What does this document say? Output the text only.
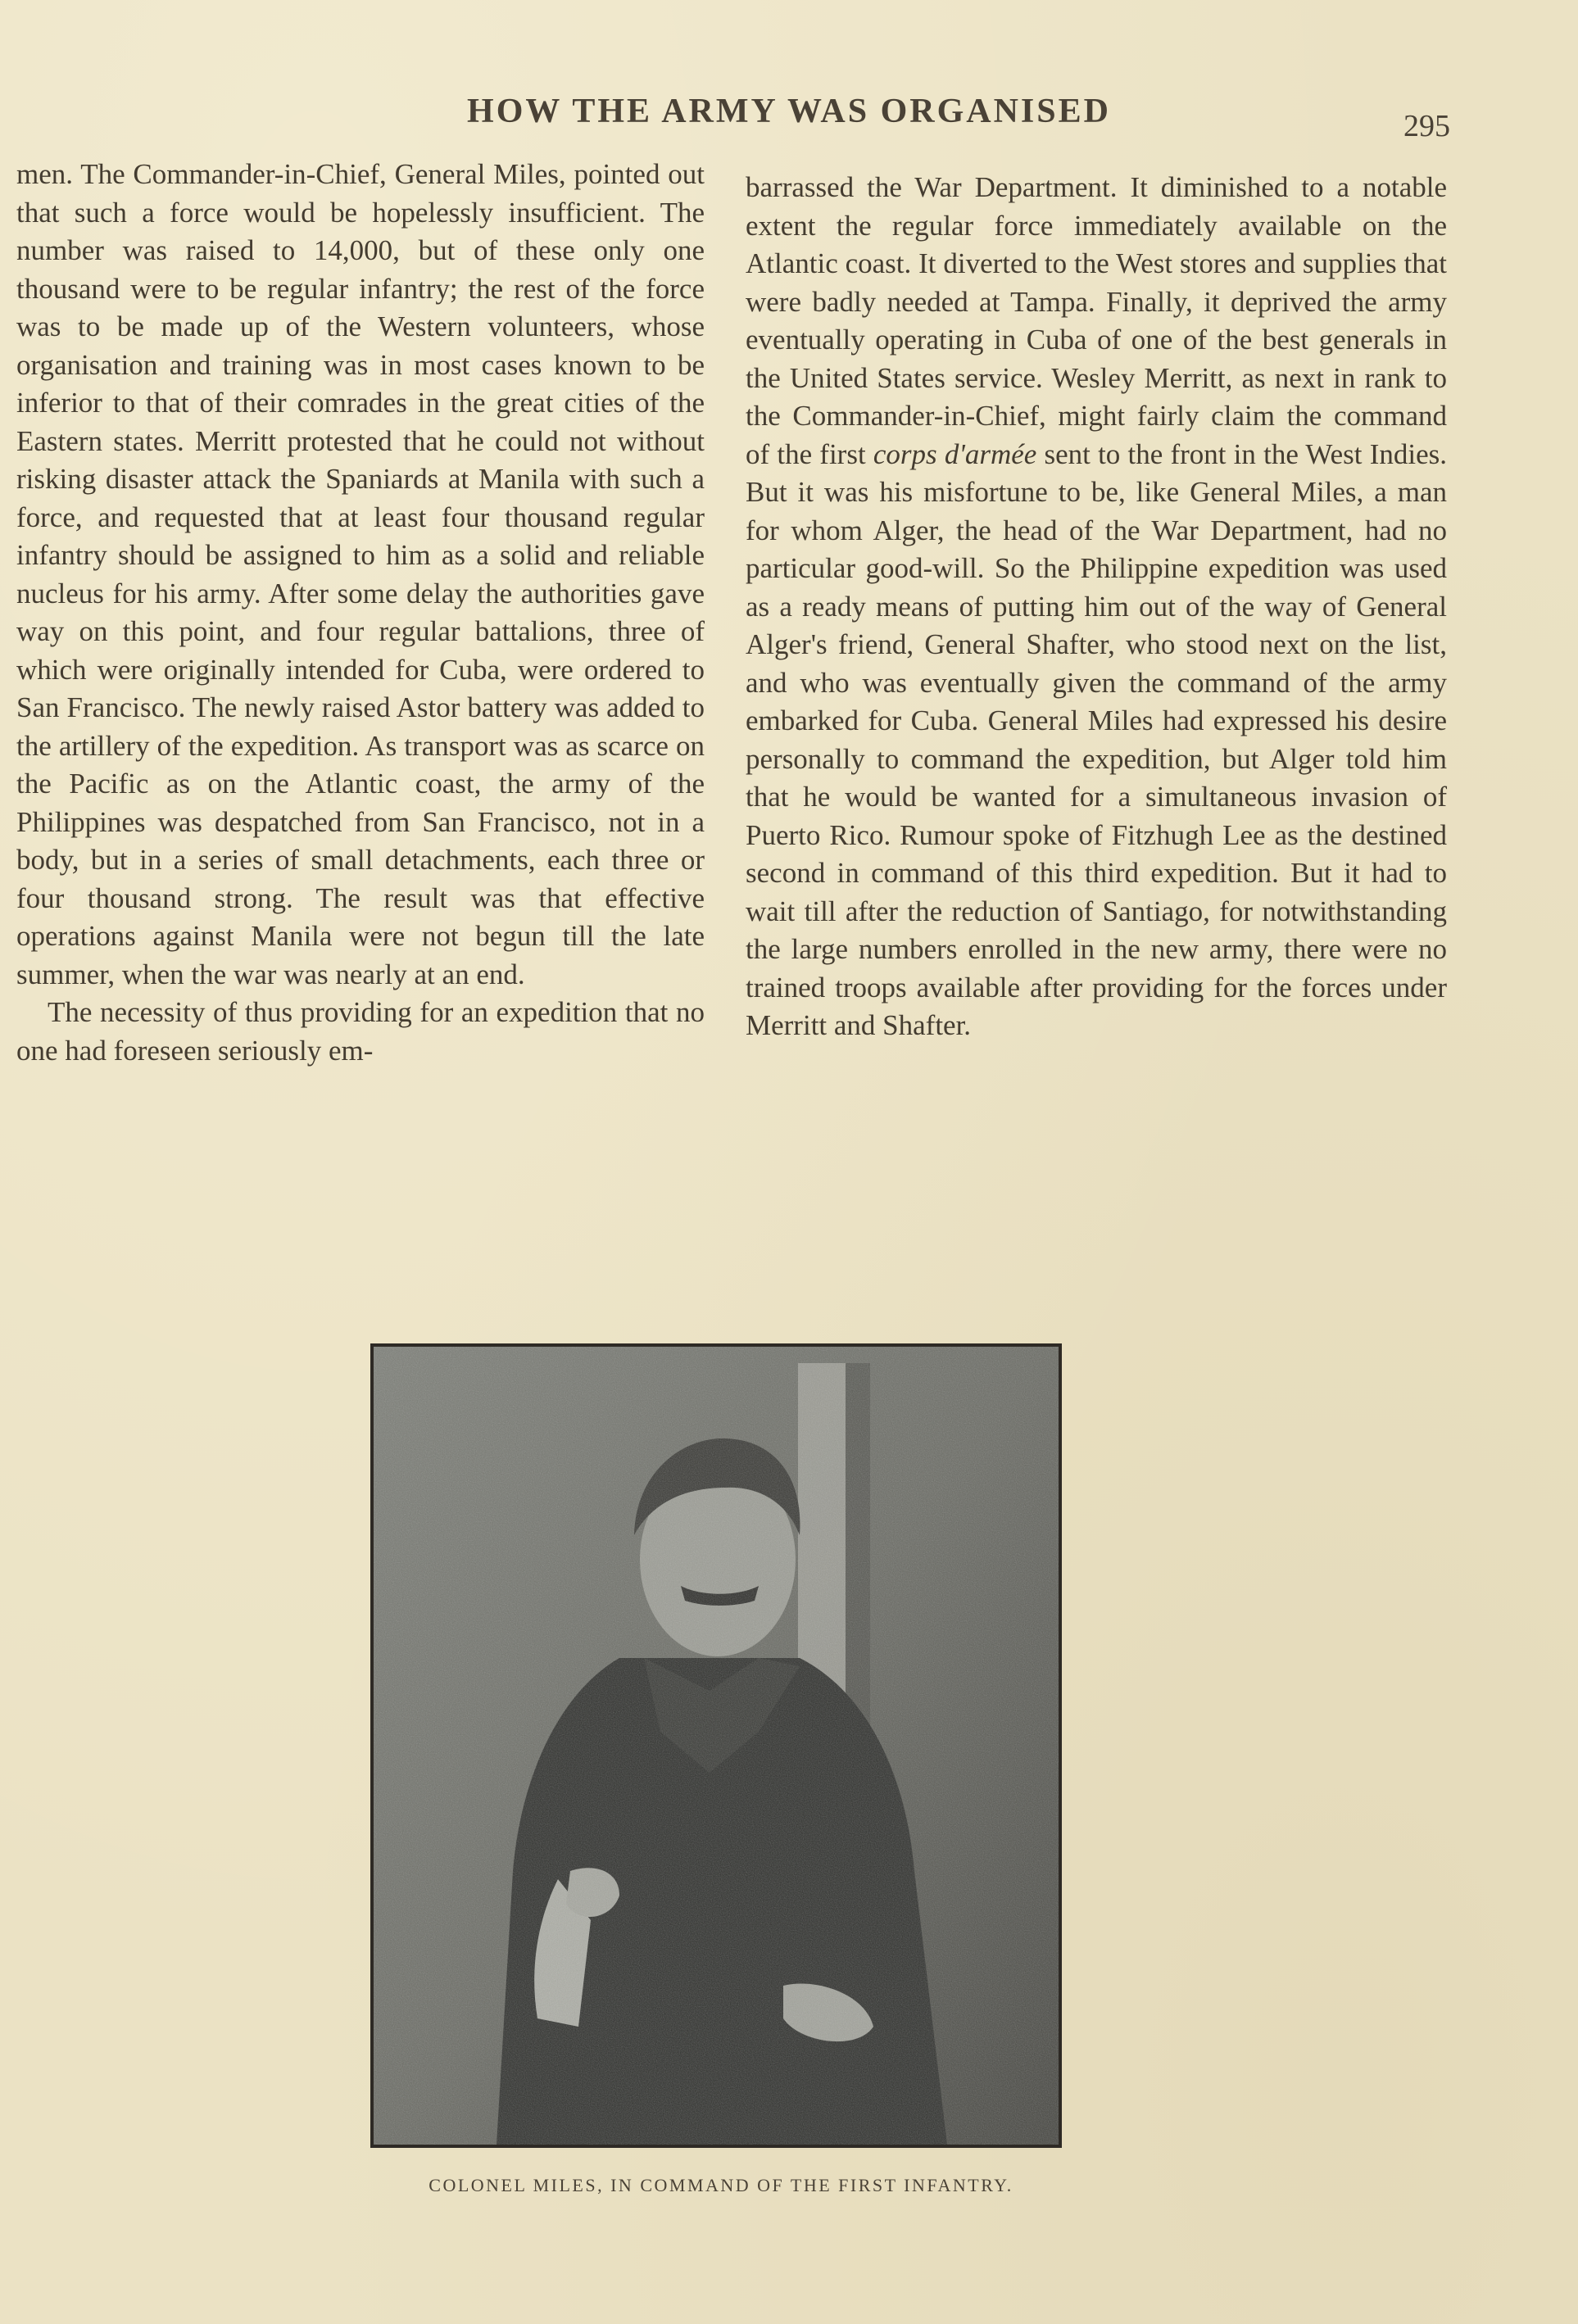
HOW THE ARMY WAS ORGANISED	295

men. The Commander-in-Chief, General Miles, pointed out that such a force would be hopelessly insufficient. The number was raised to 14,000, but of these only one thousand were to be regular infantry; the rest of the force was to be made up of the Western volunteers, whose organisation and training was in most cases known to be inferior to that of their comrades in the great cities of the Eastern states. Merritt protested that he could not without risking disaster attack the Spaniards at Manila with such a force, and requested that at least four thousand regular infantry should be assigned to him as a solid and reliable nucleus for his army. After some delay the authorities gave way on this point, and four regular battalions, three of which were originally intended for Cuba, were ordered to San Francisco. The newly raised Astor battery was added to the artillery of the expedition. As transport was as scarce on the Pacific as on the Atlantic coast, the army of the Philippines was despatched from San Francisco, not in a body, but in a series of small detachments, each three or four thousand strong. The result was that effective operations against Manila were not begun till the late summer, when the war was nearly at an end.

The necessity of thus providing for an expedition that no one had foreseen seriously em-

barrassed the War Department. It diminished to a notable extent the regular force immediately available on the Atlantic coast. It diverted to the West stores and supplies that were badly needed at Tampa. Finally, it deprived the army eventually operating in Cuba of one of the best generals in the United States service. Wesley Merritt, as next in rank to the Commander-in-Chief, might fairly claim the command of the first corps d'armée sent to the front in the West Indies. But it was his misfortune to be, like General Miles, a man for whom Alger, the head of the War Department, had no particular good-will. So the Philippine expedition was used as a ready means of putting him out of the way of General Alger's friend, General Shafter, who stood next on the list, and who was eventually given the command of the army embarked for Cuba. General Miles had expressed his desire personally to command the expedition, but Alger told him that he would be wanted for a simultaneous invasion of Puerto Rico. Rumour spoke of Fitzhugh Lee as the destined second in command of this third expedition. But it had to wait till after the reduction of Santiago, for notwithstanding the large numbers enrolled in the new army, there were no trained troops available after providing for the forces under Merritt and Shafter.

COLONEL MILES, IN COMMAND OF THE FIRST INFANTRY.
